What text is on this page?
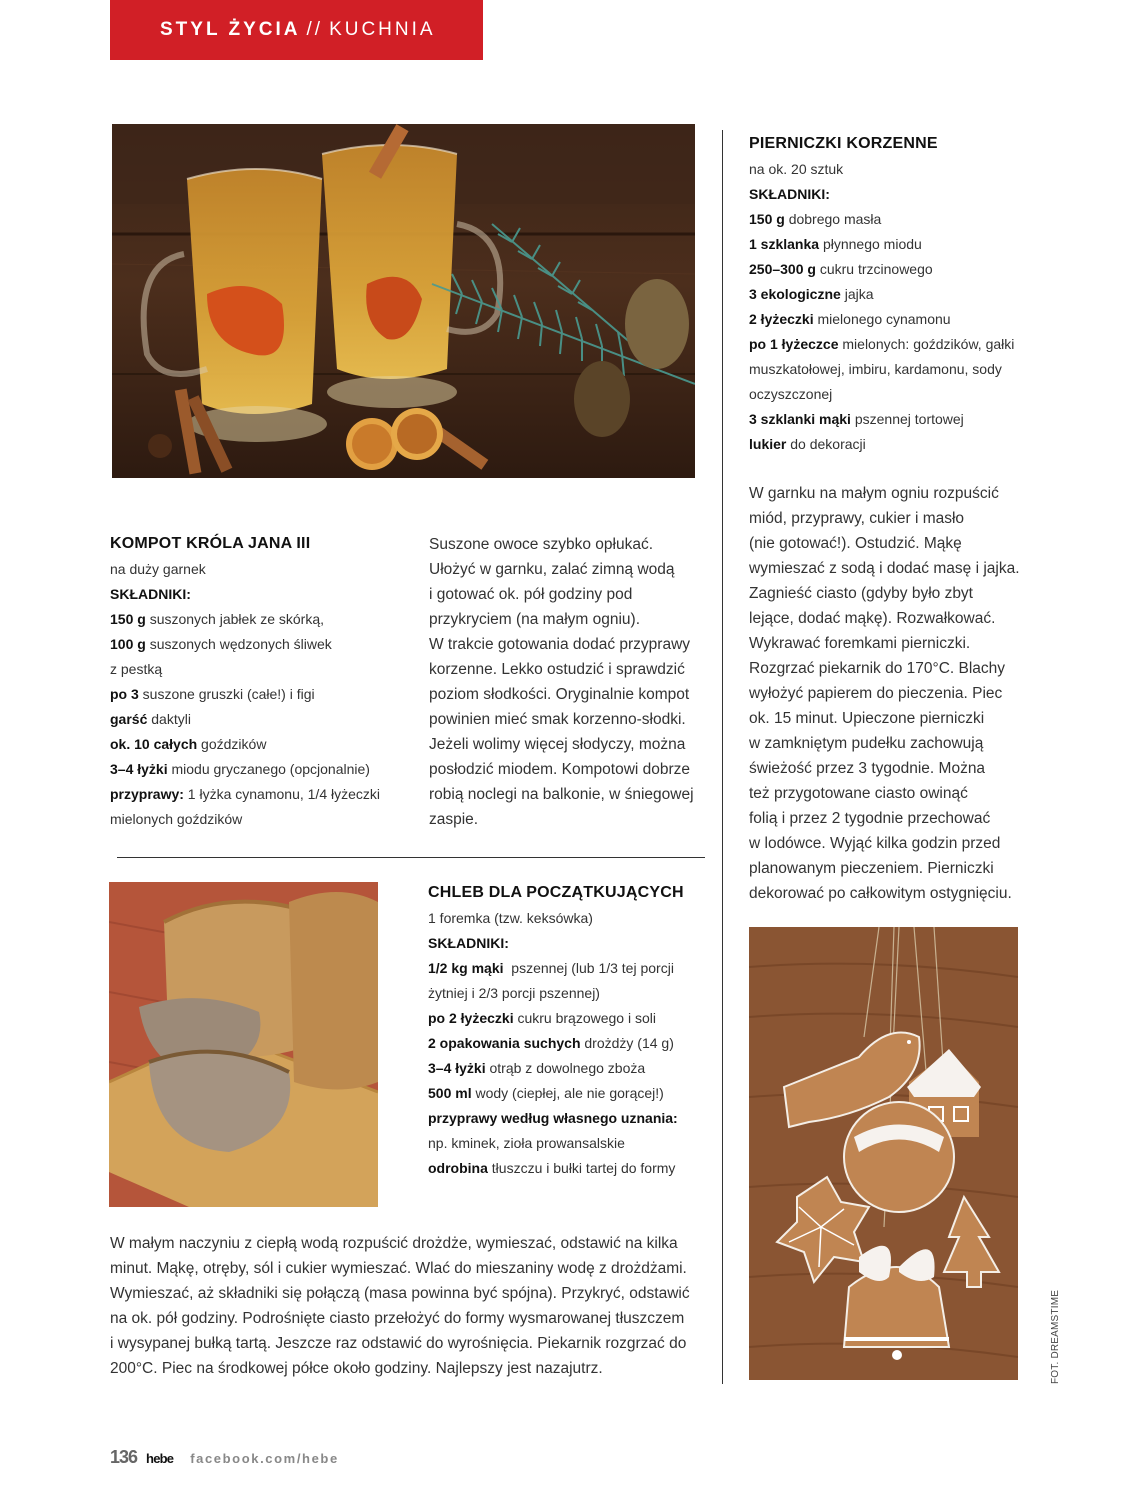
STYL ŻYCIA // KUCHNIA
KOMPOT KRÓLA JANA III
na duży garnek
SKŁADNIKI:
150 g suszonych jabłek ze skórką,
100 g suszonych wędzonych śliwek
z pestką
po 3 suszone gruszki (całe!) i figi
garść daktyli
ok. 10 całych goździków
3–4 łyżki miodu gryczanego (opcjonalnie)
przyprawy: 1 łyżka cynamonu, 1/4 łyżeczki
mielonych goździków
Suszone owoce szybko opłukać.
Ułożyć w garnku, zalać zimną wodą
i gotować ok. pół godziny pod
przykryciem (na małym ogniu).
W trakcie gotowania dodać przyprawy
korzenne. Lekko ostudzić i sprawdzić
poziom słodkości. Oryginalnie kompot
powinien mieć smak korzenno-słodki.
Jeżeli wolimy więcej słodyczy, można
posłodzić miodem. Kompotowi dobrze
robią noclegi na balkonie, w śniegowej
zaspie.
PIERNICZKI KORZENNE
na ok. 20 sztuk
SKŁADNIKI:
150 g dobrego masła
1 szklanka płynnego miodu
250–300 g cukru trzcinowego
3 ekologiczne jajka
2 łyżeczki mielonego cynamonu
po 1 łyżeczce mielonych: goździków, gałki
muszkatołowej, imbiru, kardamonu, sody
oczyszczonej
3 szklanki mąki pszennej tortowej
lukier do dekoracji
W garnku na małym ogniu rozpuścić
miód, przyprawy, cukier i masło
(nie gotować!). Ostudzić. Mąkę
wymieszać z sodą i dodać masę i jajka.
Zagnieść ciasto (gdyby było zbyt
lejące, dodać mąkę). Rozwałkować.
Wykrawać foremkami pierniczki.
Rozgrzać piekarnik do 170°C. Blachy
wyłożyć papierem do pieczenia. Piec
ok. 15 minut. Upieczone pierniczki
w zamkniętym pudełku zachowują
świeżość przez 3 tygodnie. Można
też przygotowane ciasto owinąć
folią i przez 2 tygodnie przechować
w lodówce. Wyjąć kilka godzin przed
planowanym pieczeniem. Pierniczki
dekorować po całkowitym ostygnięciu.
CHLEB DLA POCZĄTKUJĄCYCH
1 foremka (tzw. keksówka)
SKŁADNIKI:
1/2 kg mąki  pszennej (lub 1/3 tej porcji
żytniej i 2/3 porcji pszennej)
po 2 łyżeczki cukru brązowego i soli
2 opakowania suchych drożdży (14 g)
3–4 łyżki otrąb z dowolnego zboża
500 ml wody (ciepłej, ale nie gorącej!)
przyprawy według własnego uznania:
np. kminek, zioła prowansalskie
odrobina tłuszczu i bułki tartej do formy
W małym naczyniu z ciepłą wodą rozpuścić drożdże, wymieszać, odstawić na kilka
minut. Mąkę, otręby, sól i cukier wymieszać. Wlać do mieszaniny wodę z drożdżami.
Wymieszać, aż składniki się połączą (masa powinna być spójna). Przykryć, odstawić
na ok. pół godziny. Podrośnięte ciasto przełożyć do formy wysmarowanej tłuszczem
i wysypanej bułką tartą. Jeszcze raz odstawić do wyrośnięcia. Piekarnik rozgrzać do
200°C. Piec na środkowej półce około godziny. Najlepszy jest nazajutrz.	FOT. DREAMSTIME
136 hebe facebook.com/hebe
